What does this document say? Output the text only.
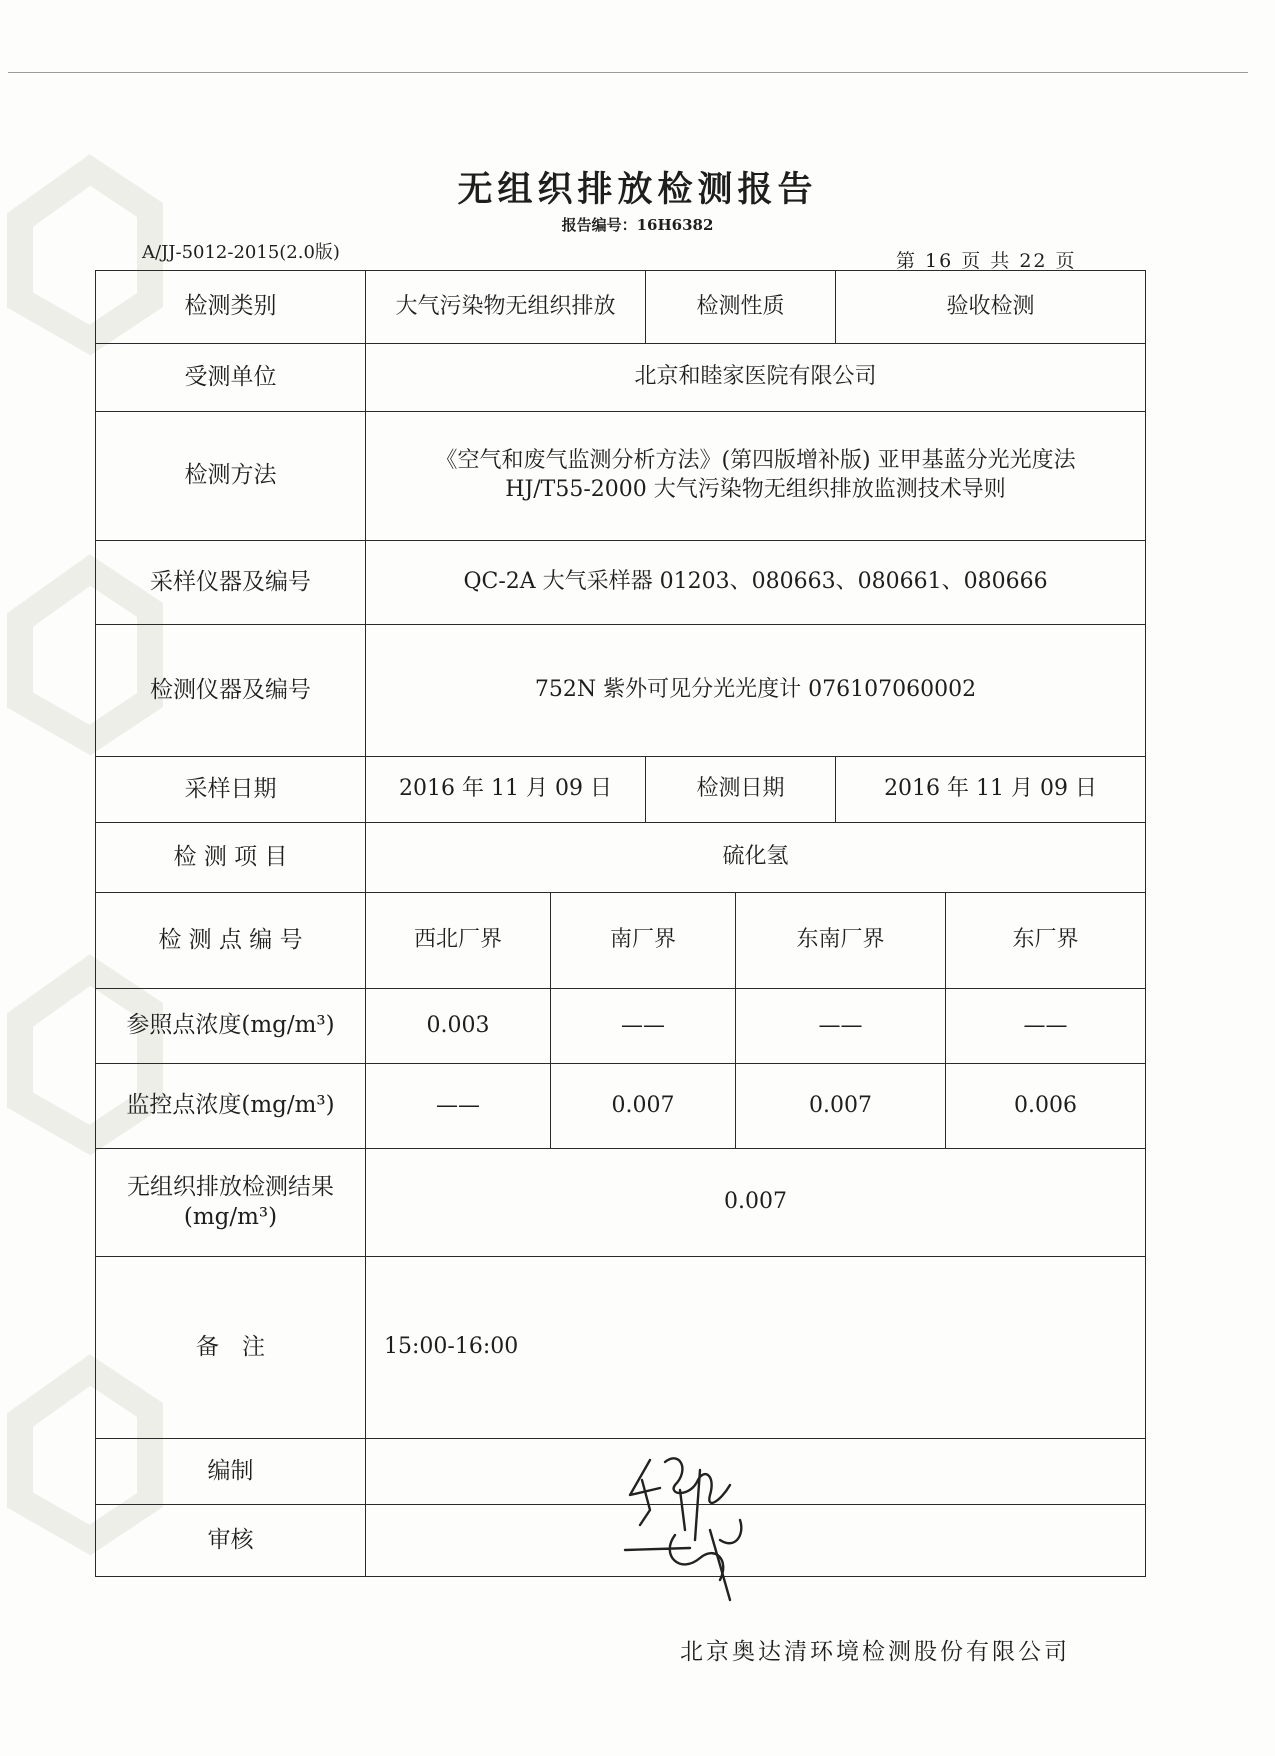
无组织排放检测报告
报告编号：16H6382
A/JJ-5012-2015(2.0版)	第 16 页 共 22 页
检测类别	大气污染物无组织排放		检测性质		验收检测	
受测单位	北京和睦家医院有限公司					
检测方法	《空气和废气监测分析方法》(第四版增补版) 亚甲基蓝分光光度法
HJ/T55-2000 大气污染物无组织排放监测技术导则					

采样仪器及编号	QC-2A 大气采样器 01203、080663、080661、080666					
检测仪器及编号	752N 紫外可见分光光度计 076107060002					
采样日期	2016 年 11 月 09 日		检测日期		2016 年 11 月 09 日	
检 测 项 目	硫化氢					
检 测 点 编 号	西北厂界	南厂界		东南厂界		东厂界
参照点浓度(mg/m³)	0.003	——		——		——
监控点浓度(mg/m³)	——	0.007		0.007		0.006

无组织排放检测结果
(mg/m³)	0.007					
备　注	15:00-16:00					
编制						
审核						
北京奥达清环境检测股份有限公司
